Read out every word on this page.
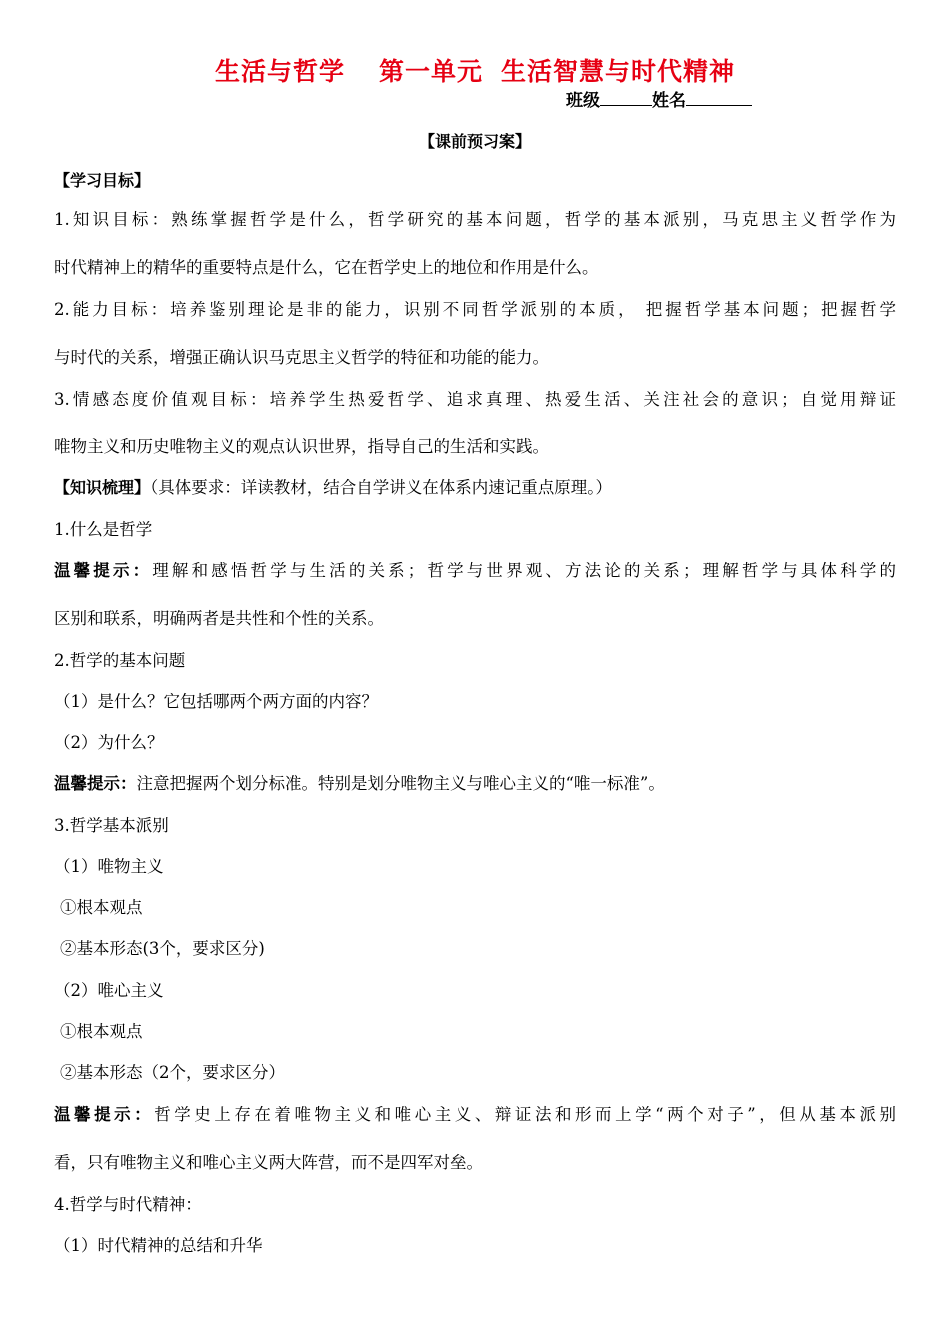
生活与哲学 第一单元 生活智慧与时代精神
班级	姓名
【课前预习案】
【学习目标】
1.知识目标：熟练掌握哲学是什么，哲学研究的基本问题，哲学的基本派别，马克思主义哲学作为
时代精神上的精华的重要特点是什么，它在哲学史上的地位和作用是什么。
2.能力目标：培养鉴别理论是非的能力，识别不同哲学派别的本质， 把握哲学基本问题；把握哲学
与时代的关系，增强正确认识马克思主义哲学的特征和功能的能力。
3.情感态度价值观目标：培养学生热爱哲学、追求真理、热爱生活、关注社会的意识；自觉用辩证
唯物主义和历史唯物主义的观点认识世界，指导自己的生活和实践。
【知识梳理】（具体要求：详读教材，结合自学讲义在体系内速记重点原理。）
1.什么是哲学
温馨提示：理解和感悟哲学与生活的关系；哲学与世界观、方法论的关系；理解哲学与具体科学的
区别和联系，明确两者是共性和个性的关系。
2.哲学的基本问题
（1）是什么？它包括哪两个两方面的内容？
（2）为什么？
温馨提示：注意把握两个划分标准。特别是划分唯物主义与唯心主义的“唯一标准”。
3.哲学基本派别
（1）唯物主义
①根本观点
②基本形态(3个，要求区分)
（2）唯心主义
①根本观点
②基本形态（2个，要求区分）
温馨提示：哲学史上存在着唯物主义和唯心主义、辩证法和形而上学“两个对子”，但从基本派别
看，只有唯物主义和唯心主义两大阵营，而不是四军对垒。
4.哲学与时代精神：
（1）时代精神的总结和升华
